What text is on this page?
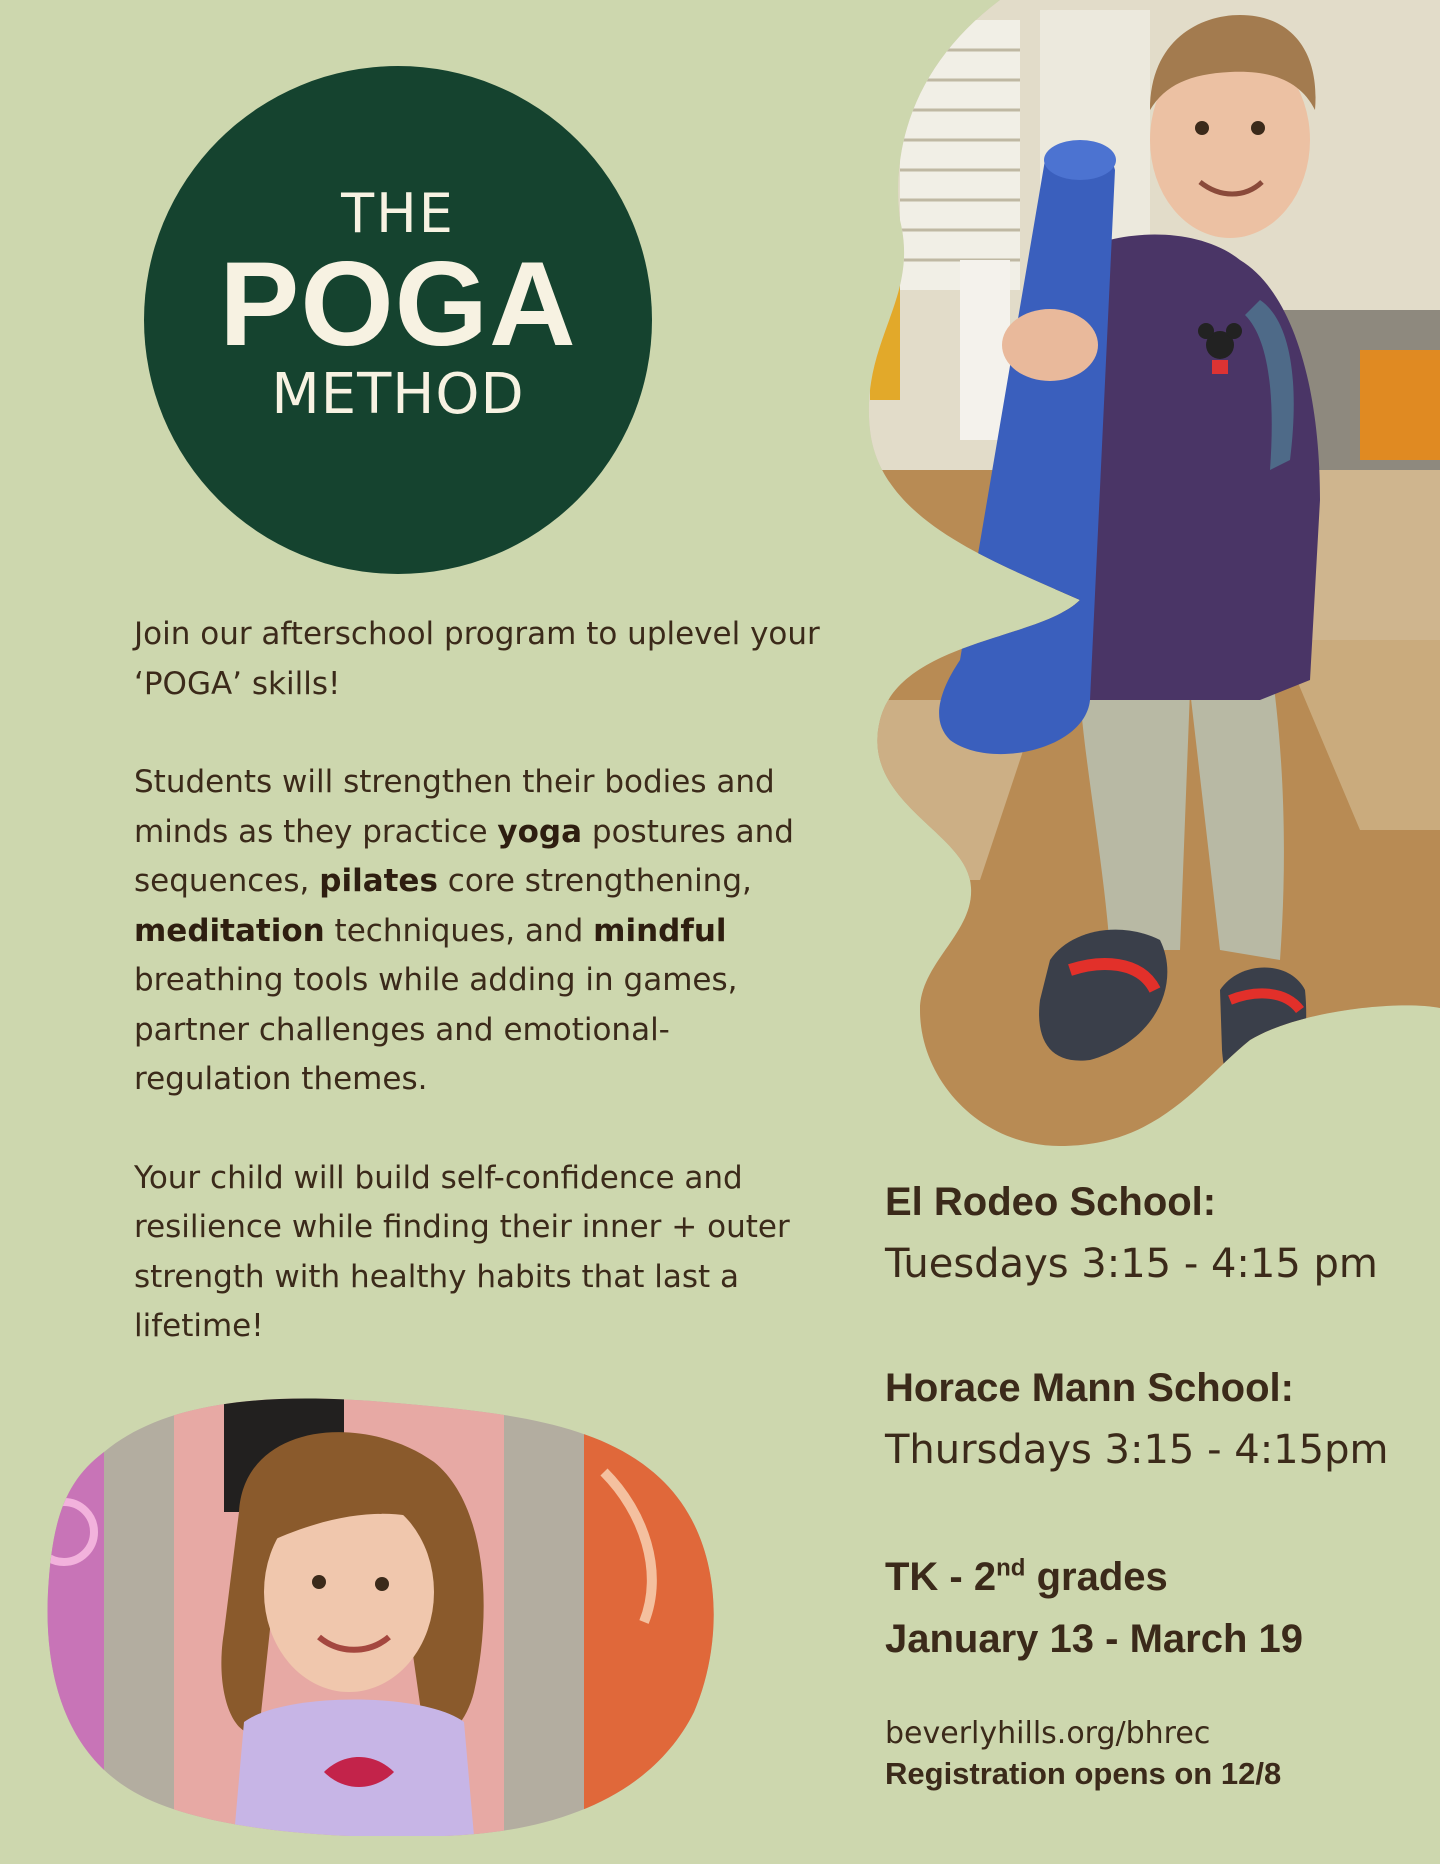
THE
POGA
METHOD

Join our afterschool program to uplevel your ‘POGA’ skills!

Students will strengthen their bodies and minds as they practice yoga postures and sequences, pilates core strengthening, meditation techniques, and mindful breathing tools while adding in games, partner challenges and emotional-regulation themes.

Your child will build self-confidence and resilience while finding their inner + outer strength with healthy habits that last a lifetime!

El Rodeo School:
Tuesdays 3:15 - 4:15 pm
Horace Mann School:
Thursdays 3:15 - 4:15pm
TK - 2nd grades
January 13 - March 19
beverlyhills.org/bhrec
Registration opens on 12/8
